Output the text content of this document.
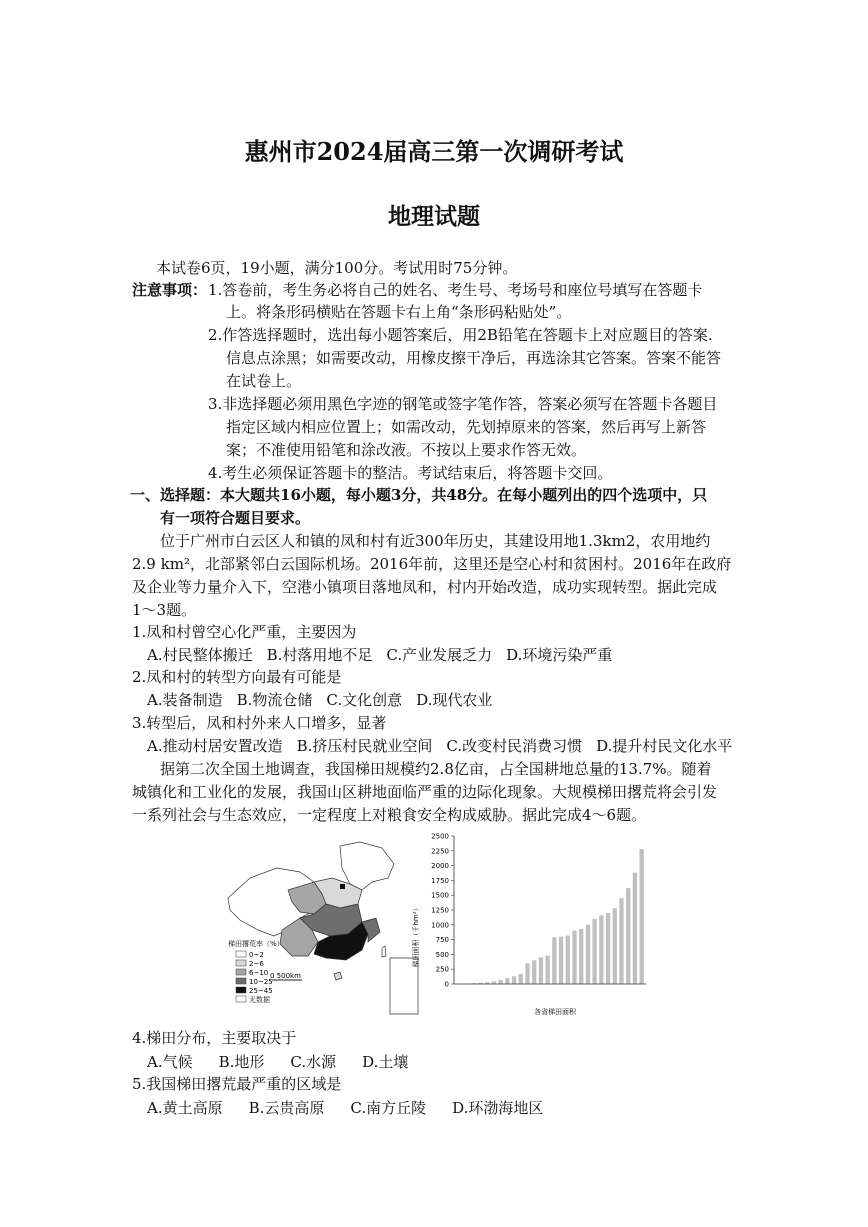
惠州市2024届高三第一次调研考试
地理试题
本试卷6页，19小题，满分100分。考试用时75分钟。
注意事项： 1.答卷前，考生务必将自己的姓名、考生号、考场号和座位号填写在答题卡
上。将条形码横贴在答题卡右上角“条形码粘贴处”。
2.作答选择题时，选出每小题答案后，用2B铅笔在答题卡上对应题目的答案.
信息点涂黑；如需要改动，用橡皮擦干净后，再选涂其它答案。答案不能答
在试卷上。
3.非选择题必须用黑色字迹的钢笔或签字笔作答，答案必须写在答题卡各题目
指定区域内相应位置上；如需改动，先划掉原来的答案，然后再写上新答
案；不准使用铅笔和涂改液。不按以上要求作答无效。
4.考生必须保证答题卡的整洁。考试结束后，将答题卡交回。
一、选择题：本大题共16小题，每小题3分，共48分。在每小题列出的四个选项中，只
有一项符合题目要求。
位于广州市白云区人和镇的凤和村有近300年历史，其建设用地1.3km2，农用地约
2.9 km²，北部紧邻白云国际机场。2016年前，这里还是空心村和贫困村。2016年在政府
及企业等力量介入下，空港小镇项目落地凤和，村内开始改造，成功实现转型。据此完成
1～3题。
1.凤和村曾空心化严重，主要因为
A.村民整体搬迁 B.村落用地不足 C.产业发展乏力 D.环境污染严重
2.凤和村的转型方向最有可能是
A.装备制造 B.物流仓储 C.文化创意 D.现代农业
3.转型后，凤和村外来人口增多，显著
A.推动村居安置改造 B.挤压村民就业空间 C.改变村民消费习惯 D.提升村民文化水平
据第二次全国土地调查，我国梯田规模约2.8亿亩，占全国耕地总量的13.7%。随着
城镇化和工业化的发展，我国山区耕地面临严重的边际化现象。大规模梯田撂荒将会引发
一系列社会与生态效应，一定程度上对粮食安全构成威胁。据此完成4～6题。
梯田撂荒率（%）
0~2
2~6
6~10
10~25
25~45
无数据
0 500km
梯田面积（千hm²）
各省梯田面积
0
250
500
750
1000
1250
1500
1750
2000
2250
2500
4.梯田分布，主要取决于
A.气候 B.地形 C.水源 D.土壤
5.我国梯田撂荒最严重的区域是
A.黄土高原 B.云贵高原 C.南方丘陵 D.环渤海地区
